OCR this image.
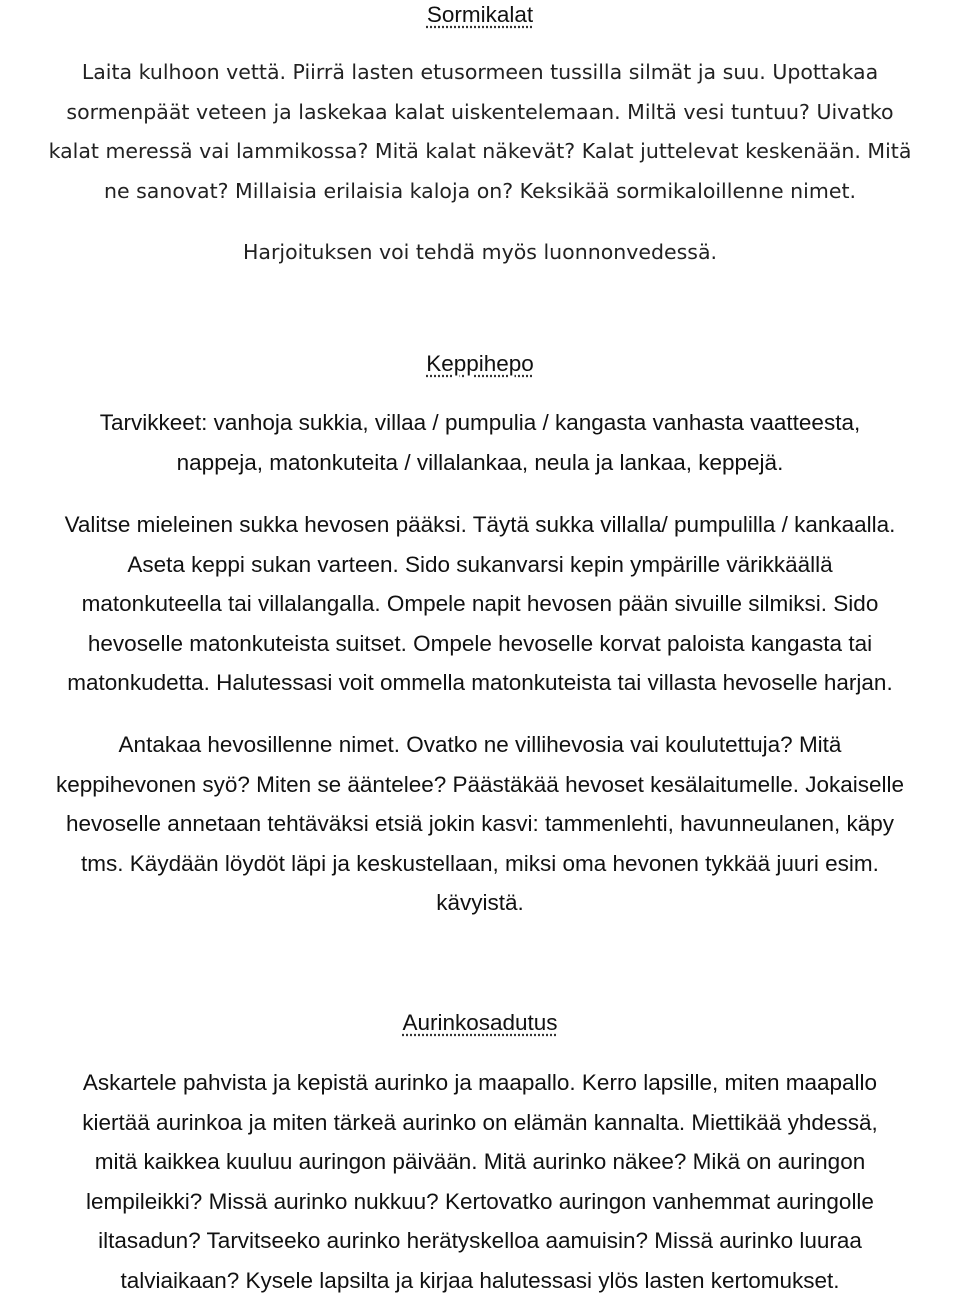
Sormikalat
Laita kulhoon vettä. Piirrä lasten etusormeen tussilla silmät ja suu. Upottakaa
sormenpäät veteen ja laskekaa kalat uiskentelemaan. Miltä vesi tuntuu? Uivatko
kalat meressä vai lammikossa? Mitä kalat näkevät? Kalat juttelevat keskenään. Mitä
ne sanovat? Millaisia erilaisia kaloja on? Keksikää sormikaloillenne nimet.
Harjoituksen voi tehdä myös luonnonvedessä.
Keppihepo
Tarvikkeet: vanhoja sukkia, villaa / pumpulia / kangasta vanhasta vaatteesta,
nappeja, matonkuteita / villalankaa, neula ja lankaa, keppejä.
Valitse mieleinen sukka hevosen pääksi. Täytä sukka villalla/ pumpulilla / kankaalla.
Aseta keppi sukan varteen. Sido sukanvarsi kepin ympärille värikkäällä
matonkuteella tai villalangalla. Ompele napit hevosen pään sivuille silmiksi. Sido
hevoselle matonkuteista suitset. Ompele hevoselle korvat paloista kangasta tai
matonkudetta. Halutessasi voit ommella matonkuteista tai villasta hevoselle harjan.
Antakaa hevosillenne nimet. Ovatko ne villihevosia vai koulutettuja? Mitä
keppihevonen syö? Miten se ääntelee? Päästäkää hevoset kesälaitumelle. Jokaiselle
hevoselle annetaan tehtäväksi etsiä jokin kasvi: tammenlehti, havunneulanen, käpy
tms. Käydään löydöt läpi ja keskustellaan, miksi oma hevonen tykkää juuri esim.
kävyistä.
Aurinkosadutus
Askartele pahvista ja kepistä aurinko ja maapallo. Kerro lapsille, miten maapallo
kiertää aurinkoa ja miten tärkeä aurinko on elämän kannalta. Miettikää yhdessä,
mitä kaikkea kuuluu auringon päivään. Mitä aurinko näkee? Mikä on auringon
lempileikki? Missä aurinko nukkuu? Kertovatko auringon vanhemmat auringolle
iltasadun? Tarvitseeko aurinko herätyskelloa aamuisin? Missä aurinko luuraa
talviaikaan? Kysele lapsilta ja kirjaa halutessasi ylös lasten kertomukset.
